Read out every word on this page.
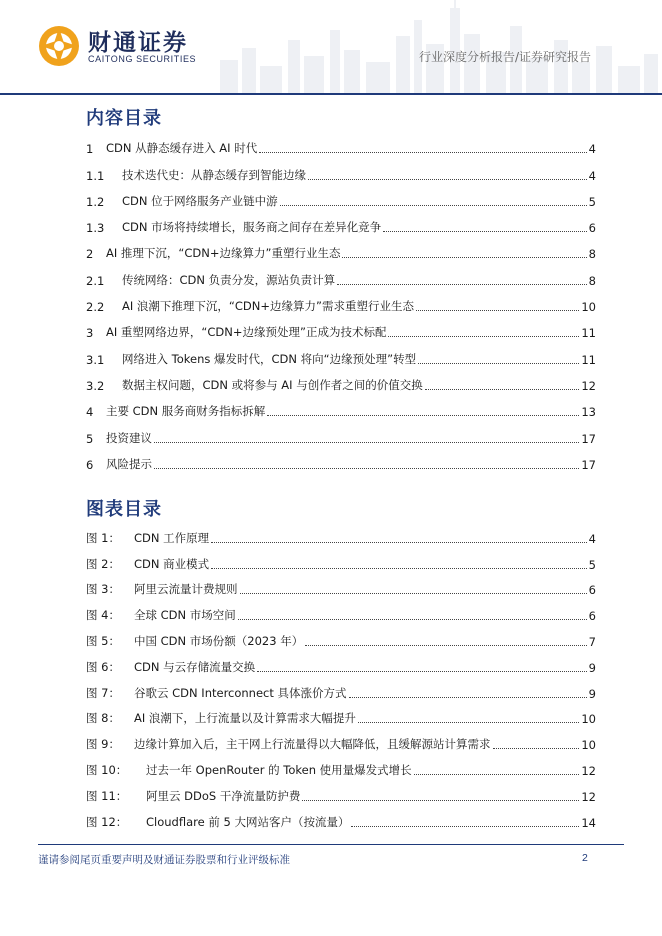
财通证券
CAITONG SECURITIES	行业深度分析报告/证券研究报告
内容目录
1	CDN 从静态缓存进入 AI 时代	4
1.1	技术迭代史：从静态缓存到智能边缘	4
1.2	CDN 位于网络服务产业链中游	5
1.3	CDN 市场将持续增长，服务商之间存在差异化竞争	6
2	AI 推理下沉，“CDN+边缘算力”重塑行业生态	8
2.1	传统网络：CDN 负责分发，源站负责计算	8
2.2	AI 浪潮下推理下沉，“CDN+边缘算力”需求重塑行业生态	10
3	AI 重塑网络边界，“CDN+边缘预处理”正成为技术标配	11
3.1	网络进入 Tokens 爆发时代，CDN 将向“边缘预处理”转型	11
3.2	数据主权问题，CDN 或将参与 AI 与创作者之间的价值交换	12
4	主要 CDN 服务商财务指标拆解	13
5	投资建议	17
6	风险提示	17
图表目录
图 1：	CDN 工作原理	4
图 2：	CDN 商业模式	5
图 3：	阿里云流量计费规则	6
图 4：	全球 CDN 市场空间	6
图 5：	中国 CDN 市场份额（2023 年）	7
图 6：	CDN 与云存储流量交换	9
图 7：	谷歌云 CDN Interconnect 具体涨价方式	9
图 8：	AI 浪潮下，上行流量以及计算需求大幅提升	10
图 9：	边缘计算加入后，主干网上行流量得以大幅降低，且缓解源站计算需求	10
图 10：	过去一年 OpenRouter 的 Token 使用量爆发式增长	12
图 11：	阿里云 DDoS 干净流量防护费	12
图 12：	Cloudflare 前 5 大网站客户（按流量）	14
谨请参阅尾页重要声明及财通证券股票和行业评级标准	2
